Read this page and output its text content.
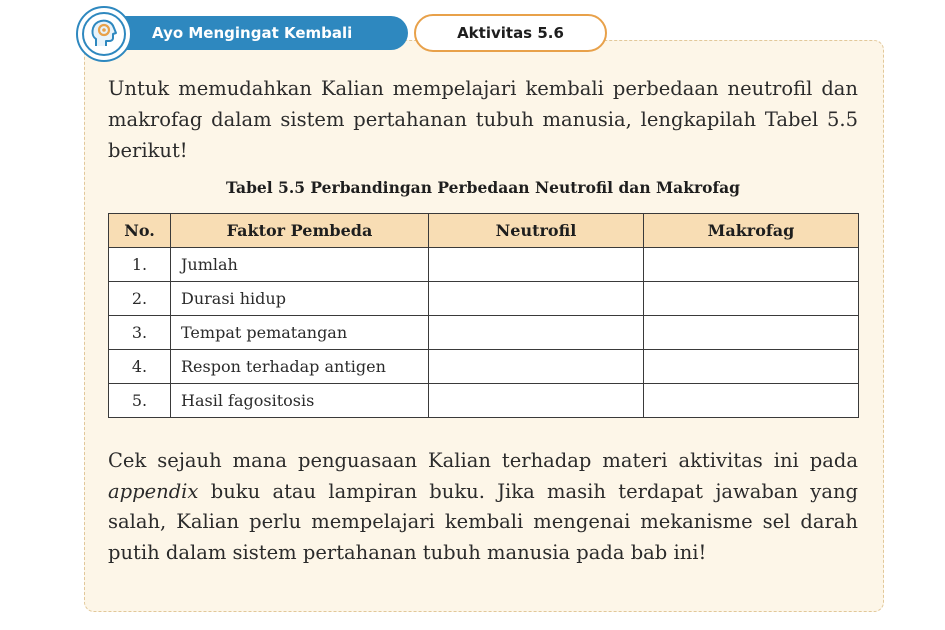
Ayo Mengingat Kembali	Aktivitas 5.6

Untuk memudahkan Kalian mempelajari kembali perbedaan neutrofil dan makrofag dalam sistem pertahanan tubuh manusia, lengkapilah Tabel 5.5 berikut!

Tabel 5.5 Perbandingan Perbedaan Neutrofil dan Makrofag
No.	Faktor Pembeda	Neutrofil	Makrofag
1.	Jumlah		
2.	Durasi hidup		
3.	Tempat pematangan		
4.	Respon terhadap antigen		
5.	Hasil fagositosis		

Cek sejauh mana penguasaan Kalian terhadap materi aktivitas ini pada appendix buku atau lampiran buku. Jika masih terdapat jawaban yang salah, Kalian perlu mempelajari kembali mengenai mekanisme sel darah putih dalam sistem pertahanan tubuh manusia pada bab ini!
